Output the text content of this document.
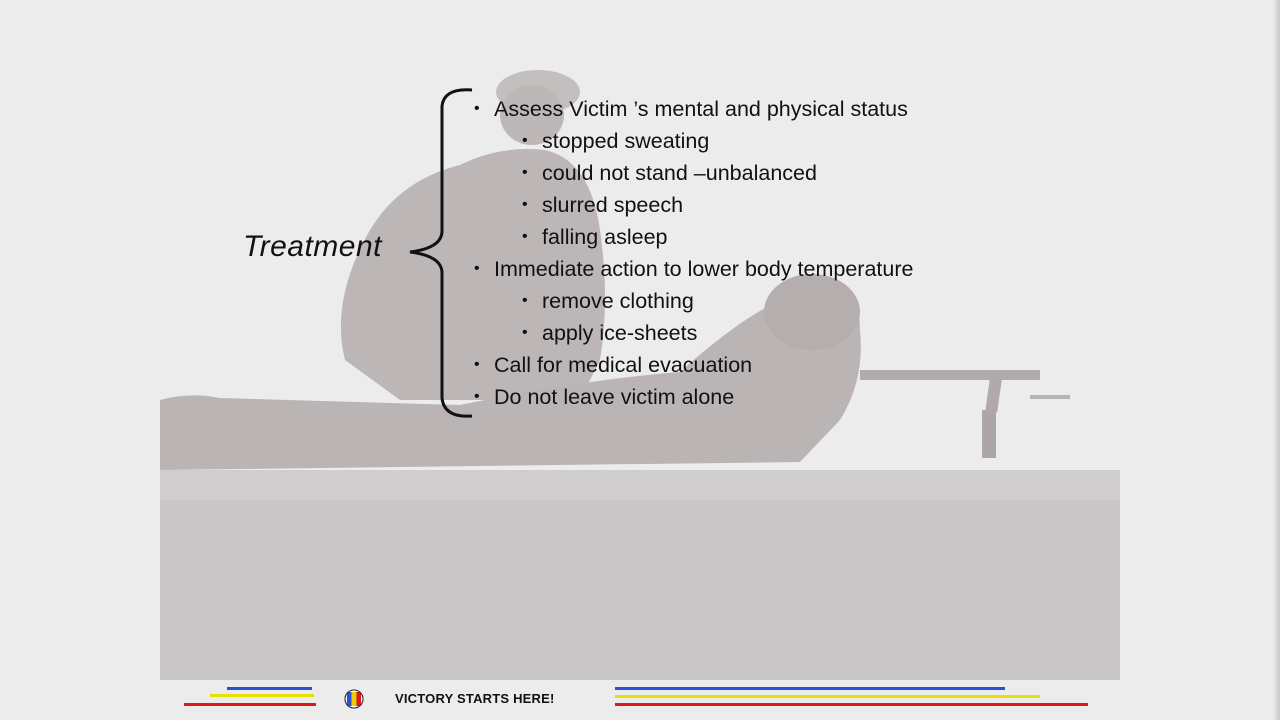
Treatment
• Assess Victim ’s mental and physical status
• stopped sweating
• could not stand –unbalanced
• slurred speech
• falling asleep
• Immediate action to lower body temperature
• remove clothing
• apply ice-sheets
• Call for medical evacuation
• Do not leave victim alone
VICTORY STARTS HERE!
